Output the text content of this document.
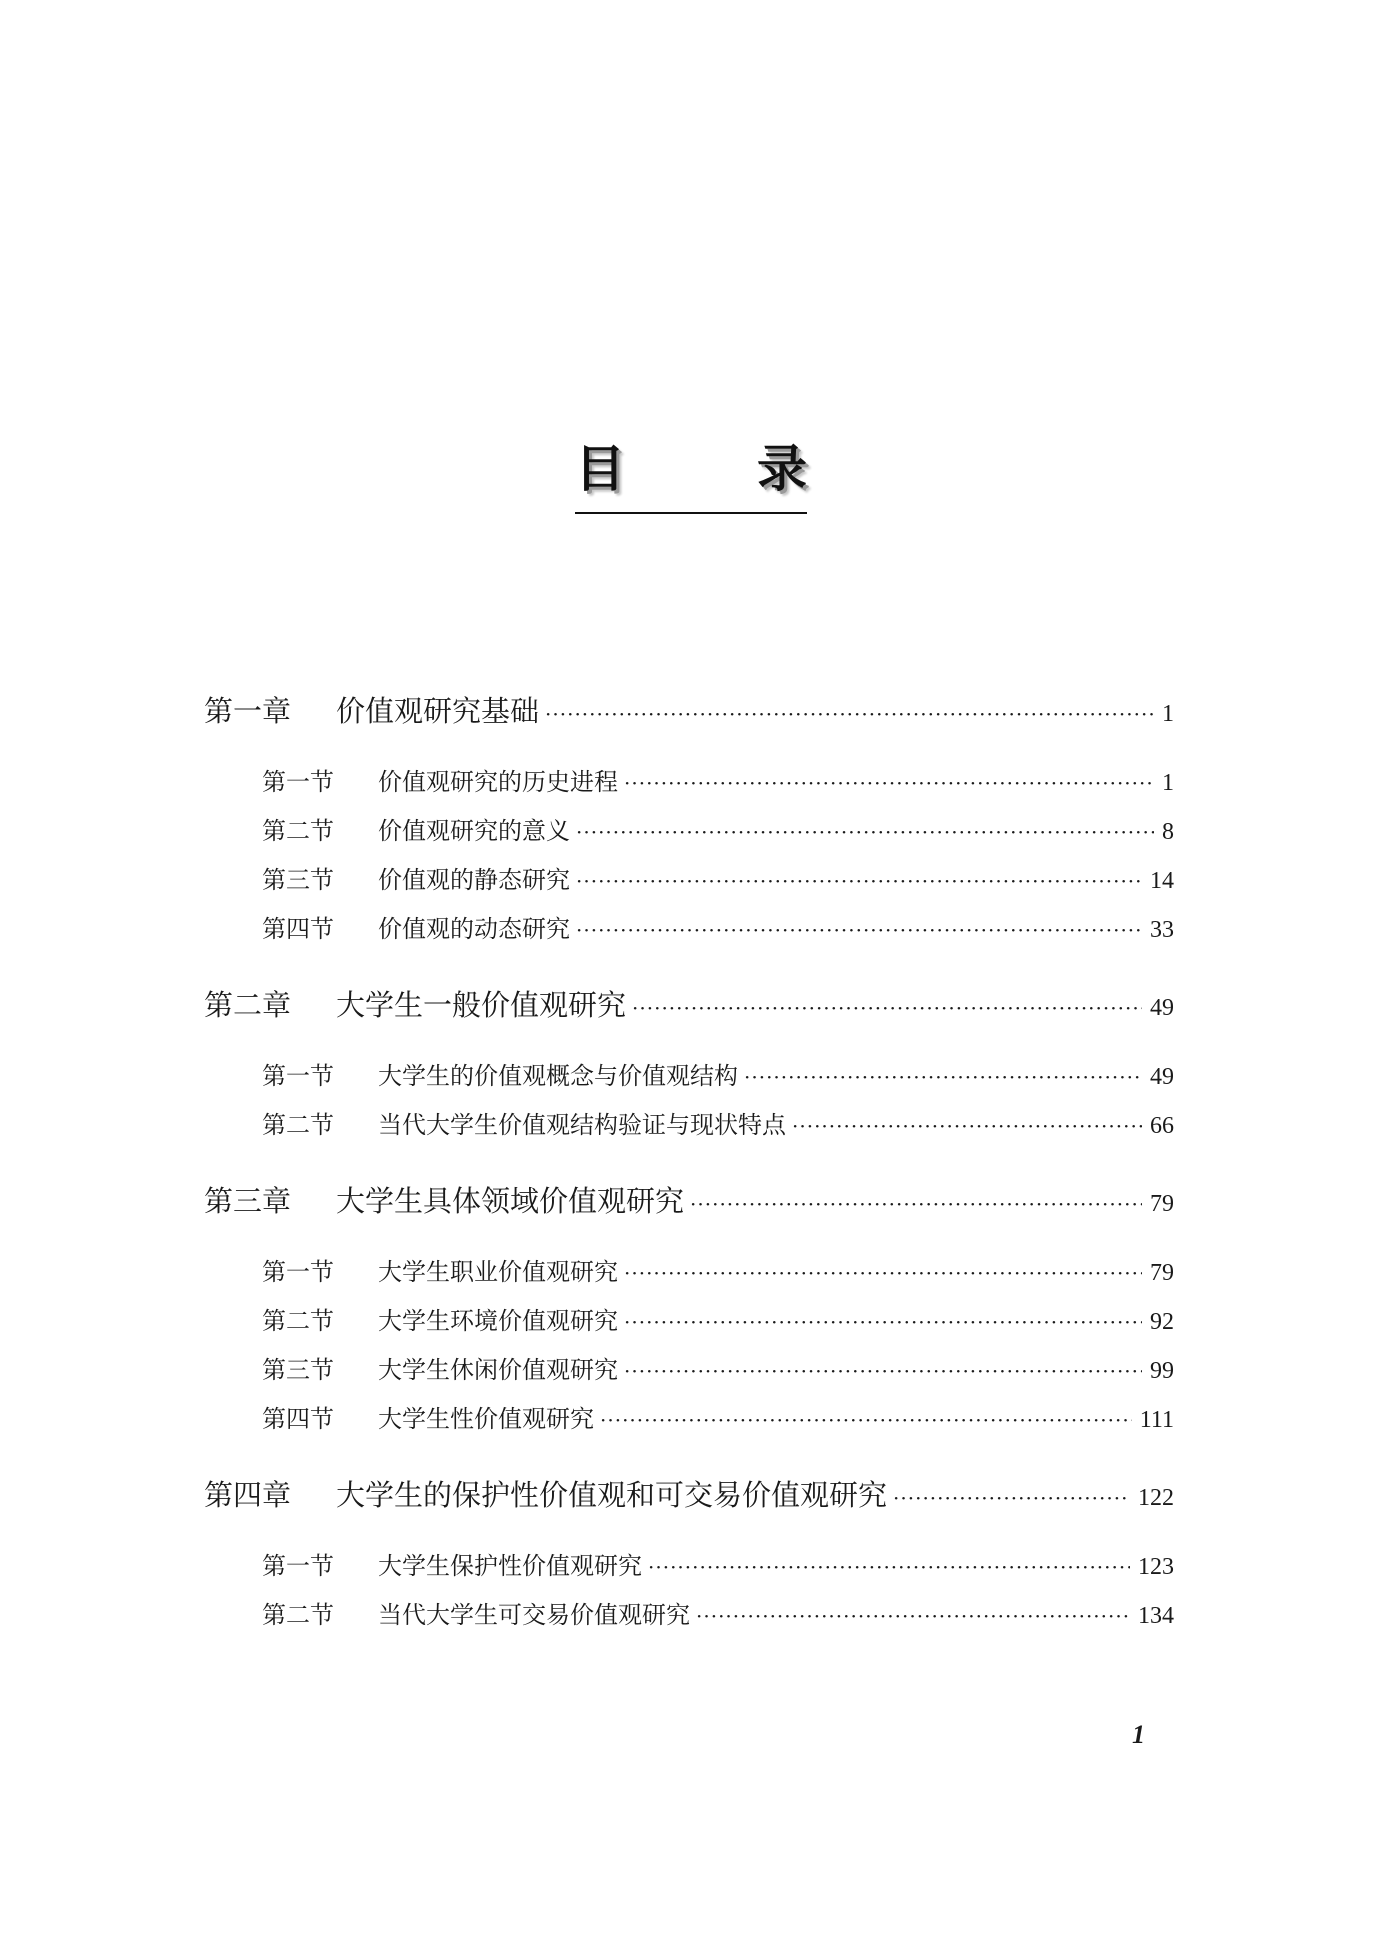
目	录
第一章	价值观研究基础 ·····	1
第一节	价值观研究的历史进程 ·····	1
第二节	价值观研究的意义 ·····	8
第三节	价值观的静态研究 ·····	14
第四节	价值观的动态研究 ·····	33
第二章	大学生一般价值观研究 ·····	49
第一节	大学生的价值观概念与价值观结构 ·····	49
第二节	当代大学生价值观结构验证与现状特点 ·····	66
第三章	大学生具体领域价值观研究 ·····	79
第一节	大学生职业价值观研究 ·····	79
第二节	大学生环境价值观研究 ·····	92
第三节	大学生休闲价值观研究 ·····	99
第四节	大学生性价值观研究 ·····	111
第四章	大学生的保护性价值观和可交易价值观研究 ·····	122
第一节	大学生保护性价值观研究 ·····	123
第二节	当代大学生可交易价值观研究 ·····	134
1
